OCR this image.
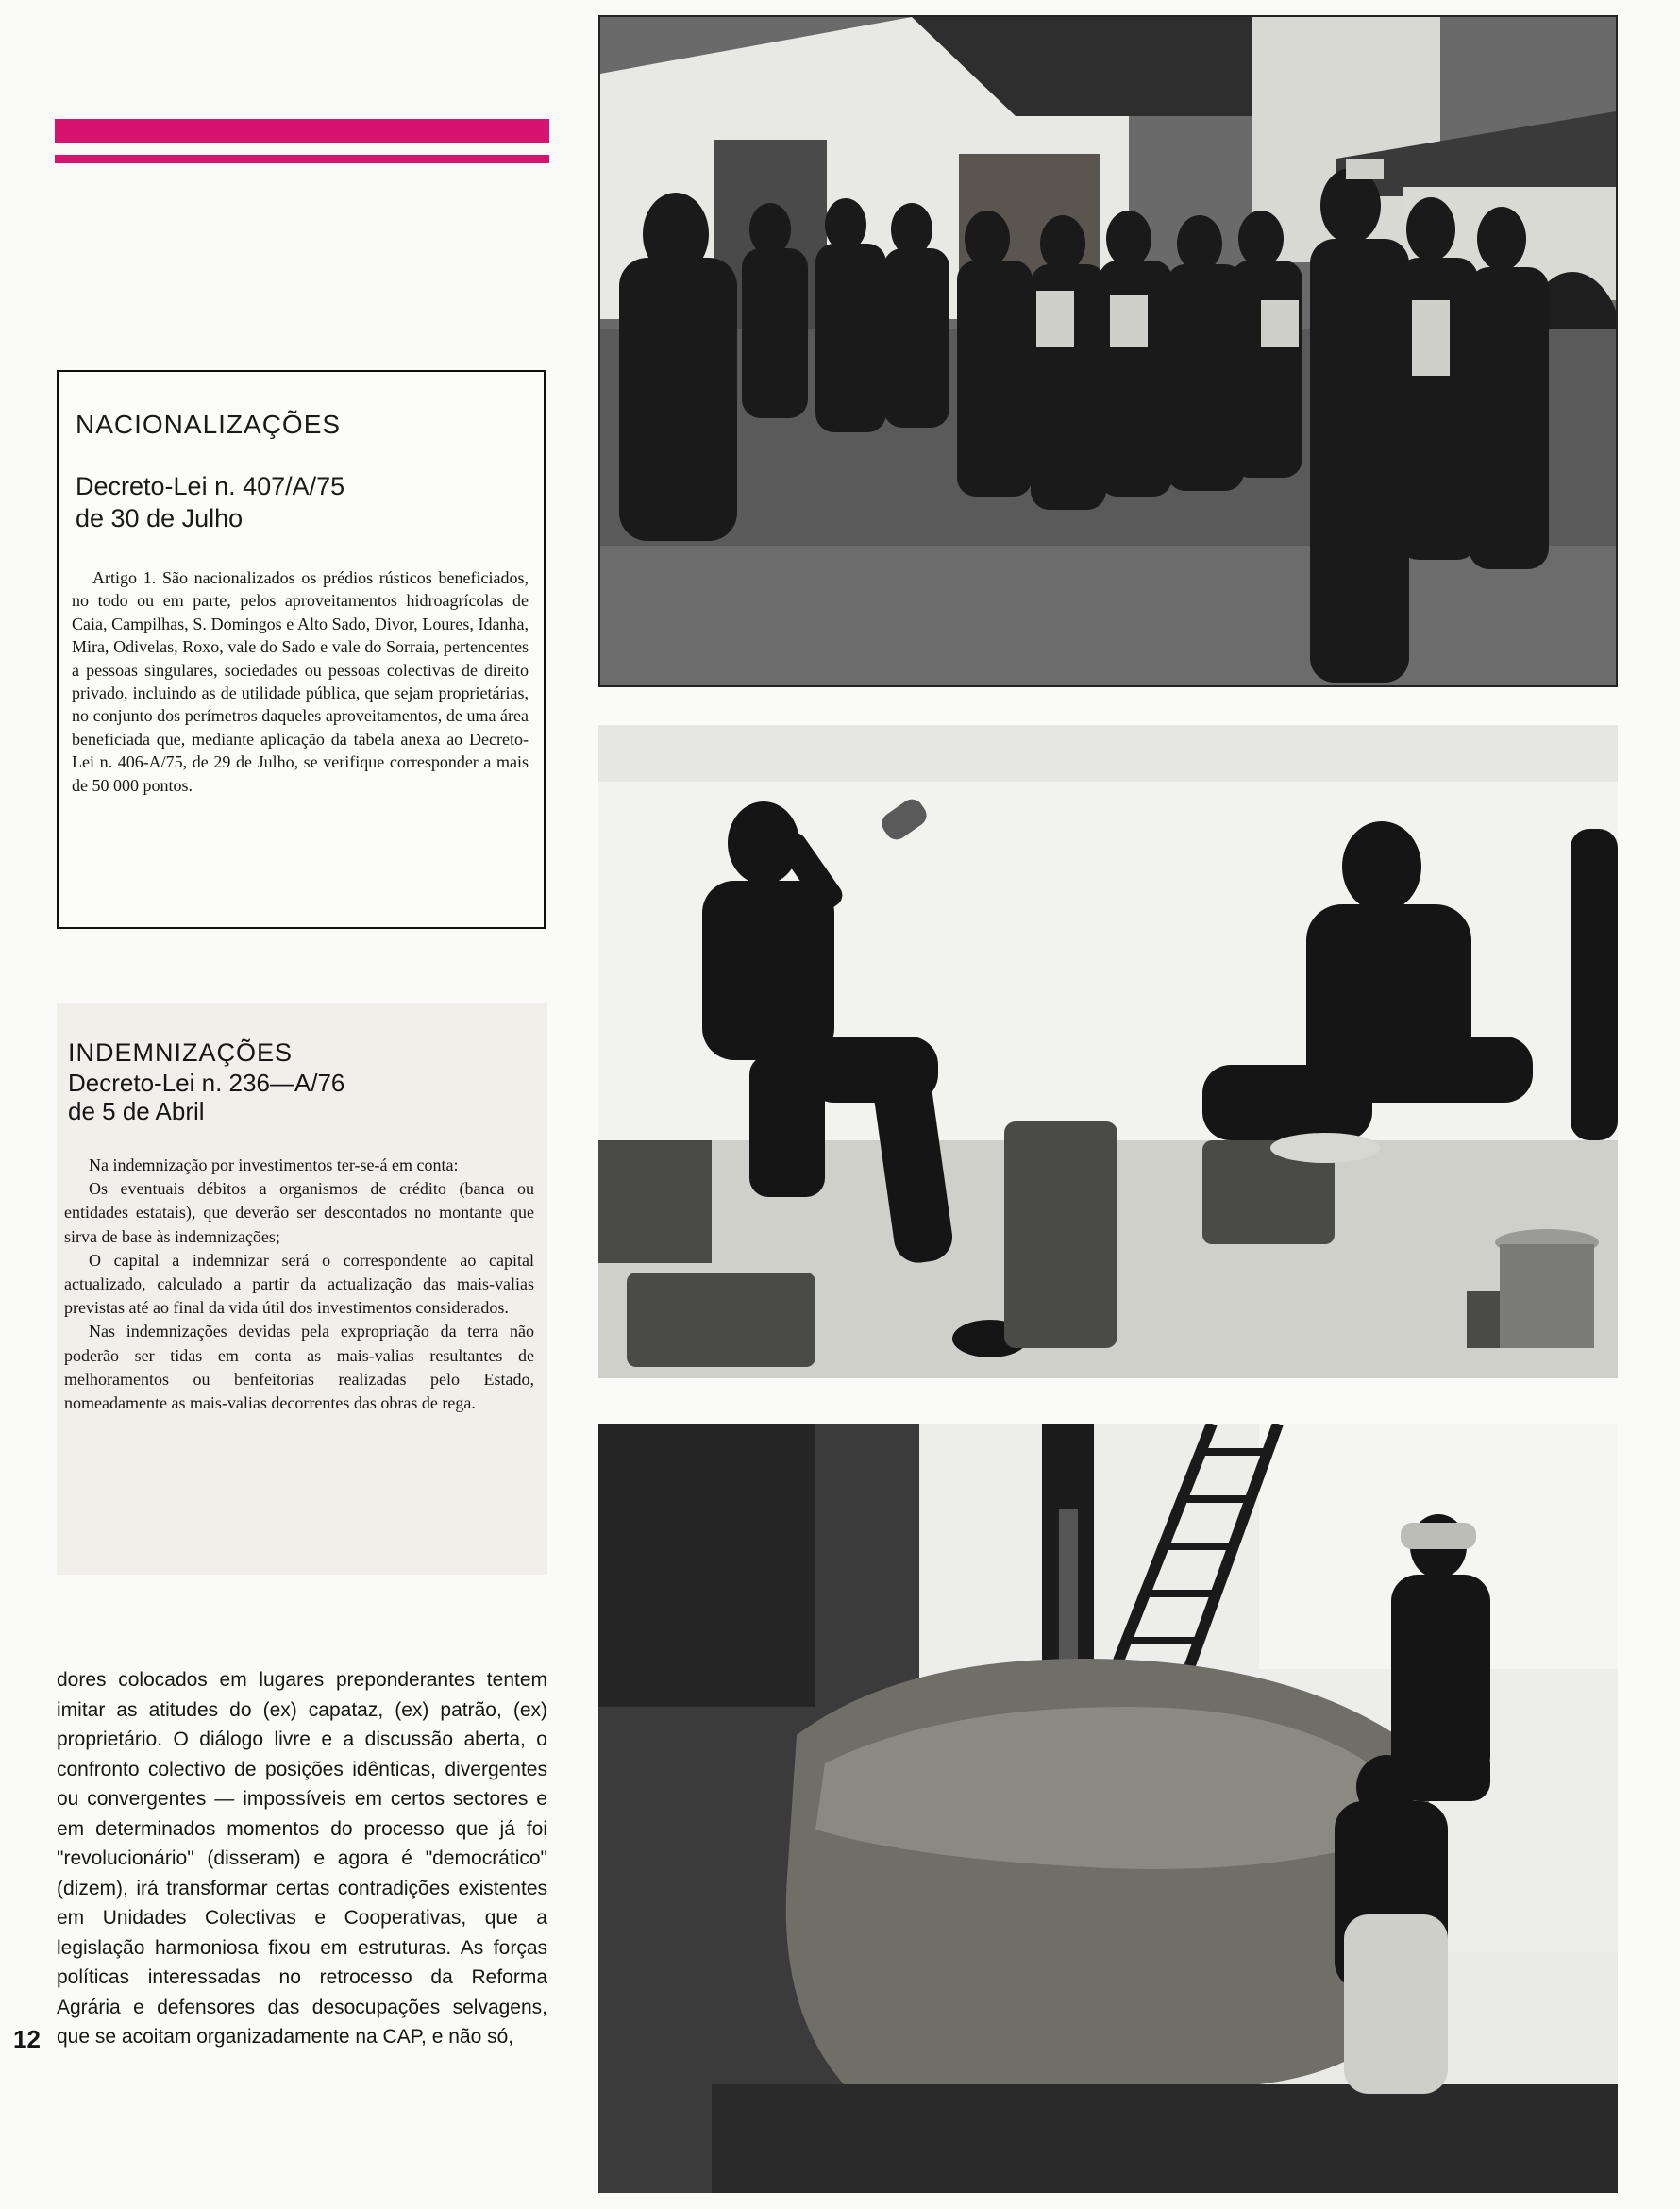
NACIONALIZAÇÕES
Decreto-Lei n. 407/A/75
de 30 de Julho

Artigo 1. São nacionalizados os prédios rústicos beneficiados, no todo ou em parte, pelos aproveitamentos hidroagrícolas de Caia, Campilhas, S. Domingos e Alto Sado, Divor, Loures, Idanha, Mira, Odivelas, Roxo, vale do Sado e vale do Sorraia, pertencentes a pessoas singulares, sociedades ou pessoas colectivas de direito privado, incluindo as de utilidade pública, que sejam proprietárias, no conjunto dos perímetros daqueles aproveitamentos, de uma área beneficiada que, mediante aplicação da tabela anexa ao Decreto-Lei n. 406-A/75, de 29 de Julho, se verifique corresponder a mais de 50 000 pontos.

INDEMNIZAÇÕES
Decreto-Lei n. 236—A/76
de 5 de Abril

Na indemnização por investimentos ter-se-á em conta:

Os eventuais débitos a organismos de crédito (banca ou entidades estatais), que deverão ser descontados no montante que sirva de base às indemnizações;

O capital a indemnizar será o correspondente ao capital actualizado, calculado a partir da actualização das mais-valias previstas até ao final da vida útil dos investimentos considerados.

Nas indemnizações devidas pela expropriação da terra não poderão ser tidas em conta as mais-valias resultantes de melhoramentos ou benfeitorias realizadas pelo Estado, nomeadamente as mais-valias decorrentes das obras de rega.

dores colocados em lugares preponderantes tentem imitar as atitudes do (ex) capataz, (ex) patrão, (ex) proprietário. O diálogo livre e a discussão aberta, o confronto colectivo de posições idênticas, divergentes ou convergentes — impossíveis em certos sectores e em determinados momentos do processo que já foi "revolucionário" (disseram) e agora é "democrático" (dizem), irá transformar certas contradições existentes em Unidades Colectivas e Cooperativas, que a legislação harmoniosa fixou em estruturas. As forças políticas interessadas no retrocesso da Reforma Agrária e defensores das desocupações selvagens, que se acoitam organizadamente na CAP, e não só,

12
